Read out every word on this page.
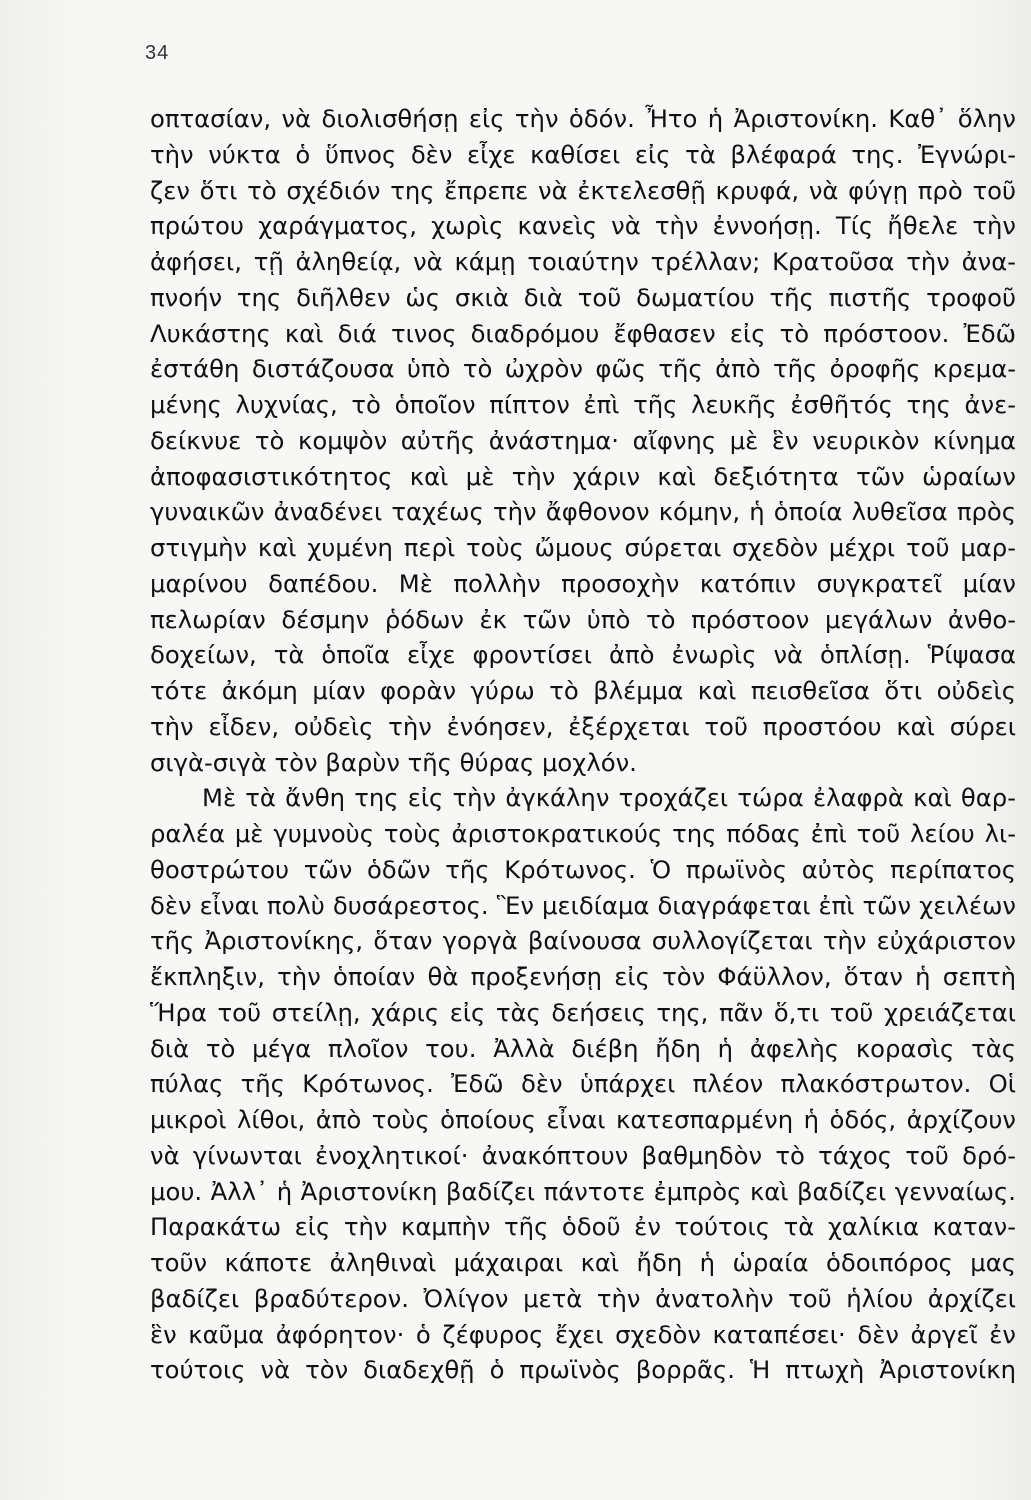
34
οπτασίαν, νὰ διολισθήσῃ εἰς τὴν ὁδόν. Ἦτο ἡ Ἀριστονίκη. Καθ᾽ ὅλην
τὴν νύκτα ὁ ὕπνος δὲν εἶχε καθίσει εἰς τὰ βλέφαρά της. Ἐγνώρι-
ζεν ὅτι τὸ σχέδιόν της ἔπρεπε νὰ ἐκτελεσθῇ κρυφά, νὰ φύγῃ πρὸ τοῦ
πρώτου χαράγματος, χωρὶς κανεὶς νὰ τὴν ἐννοήσῃ. Τίς ἤθελε τὴν
ἀφήσει, τῇ ἀληθείᾳ, νὰ κάμῃ τοιαύτην τρέλλαν; Κρατοῦσα τὴν ἀνα-
πνοήν της διῆλθεν ὡς σκιὰ διὰ τοῦ δωματίου τῆς πιστῆς τροφοῦ
Λυκάστης καὶ διά τινος διαδρόμου ἔφθασεν εἰς τὸ πρόστοον. Ἐδῶ
ἐστάθη διστάζουσα ὑπὸ τὸ ὠχρὸν φῶς τῆς ἀπὸ τῆς ὀροφῆς κρεμα-
μένης λυχνίας, τὸ ὁποῖον πίπτον ἐπὶ τῆς λευκῆς ἐσθῆτός της ἀνε-
δείκνυε τὸ κομψὸν αὐτῆς ἀνάστημα· αἴφνης μὲ ἓν νευρικὸν κίνημα
ἀποφασιστικότητος καὶ μὲ τὴν χάριν καὶ δεξιότητα τῶν ὡραίων
γυναικῶν ἀναδένει ταχέως τὴν ἄφθονον κόμην, ἡ ὁποία λυθεῖσα πρὸς
στιγμὴν καὶ χυμένη περὶ τοὺς ὤμους σύρεται σχεδὸν μέχρι τοῦ μαρ-
μαρίνου δαπέδου. Μὲ πολλὴν προσοχὴν κατόπιν συγκρατεῖ μίαν
πελωρίαν δέσμην ῥόδων ἐκ τῶν ὑπὸ τὸ πρόστοον μεγάλων ἀνθο-
δοχείων, τὰ ὁποῖα εἶχε φροντίσει ἀπὸ ἐνωρὶς νὰ ὁπλίσῃ. Ῥίψασα
τότε ἀκόμη μίαν φορὰν γύρω τὸ βλέμμα καὶ πεισθεῖσα ὅτι οὐδεὶς
τὴν εἶδεν, οὐδεὶς τὴν ἐνόησεν, ἐξέρχεται τοῦ προστόου καὶ σύρει
σιγὰ-σιγὰ τὸν βαρὺν τῆς θύρας μοχλόν.
Μὲ τὰ ἄνθη της εἰς τὴν ἀγκάλην τροχάζει τώρα ἐλαφρὰ καὶ θαρ-
ραλέα μὲ γυμνοὺς τοὺς ἀριστοκρατικούς της πόδας ἐπὶ τοῦ λείου λι-
θοστρώτου τῶν ὁδῶν τῆς Κρότωνος. Ὁ πρωϊνὸς αὐτὸς περίπατος
δὲν εἶναι πολὺ δυσάρεστος. Ἓν μειδίαμα διαγράφεται ἐπὶ τῶν χειλέων
τῆς Ἀριστονίκης, ὅταν γοργὰ βαίνουσα συλλογίζεται τὴν εὐχάριστον
ἔκπληξιν, τὴν ὁποίαν θὰ προξενήσῃ εἰς τὸν Φάϋλλον, ὅταν ἡ σεπτὴ
Ἥρα τοῦ στείλῃ, χάρις εἰς τὰς δεήσεις της, πᾶν ὅ,τι τοῦ χρειάζεται
διὰ τὸ μέγα πλοῖον του. Ἀλλὰ διέβη ἤδη ἡ ἀφελὴς κορασὶς τὰς
πύλας τῆς Κρότωνος. Ἐδῶ δὲν ὑπάρχει πλέον πλακόστρωτον. Οἱ
μικροὶ λίθοι, ἀπὸ τοὺς ὁποίους εἶναι κατεσπαρμένη ἡ ὁδός, ἀρχίζουν
νὰ γίνωνται ἐνοχλητικοί· ἀνακόπτουν βαθμηδὸν τὸ τάχος τοῦ δρό-
μου. Ἀλλ᾽ ἡ Ἀριστονίκη βαδίζει πάντοτε ἐμπρὸς καὶ βαδίζει γενναίως.
Παρακάτω εἰς τὴν καμπὴν τῆς ὁδοῦ ἐν τούτοις τὰ χαλίκια καταν-
τοῦν κάποτε ἀληθιναὶ μάχαιραι καὶ ἤδη ἡ ὡραία ὁδοιπόρος μας
βαδίζει βραδύτερον. Ὀλίγον μετὰ τὴν ἀνατολὴν τοῦ ἡλίου ἀρχίζει
ἓν καῦμα ἀφόρητον· ὁ ζέφυρος ἔχει σχεδὸν καταπέσει· δὲν ἀργεῖ ἐν
τούτοις νὰ τὸν διαδεχθῇ ὁ πρωϊνὸς βορρᾶς. Ἡ πτωχὴ Ἀριστονίκη
